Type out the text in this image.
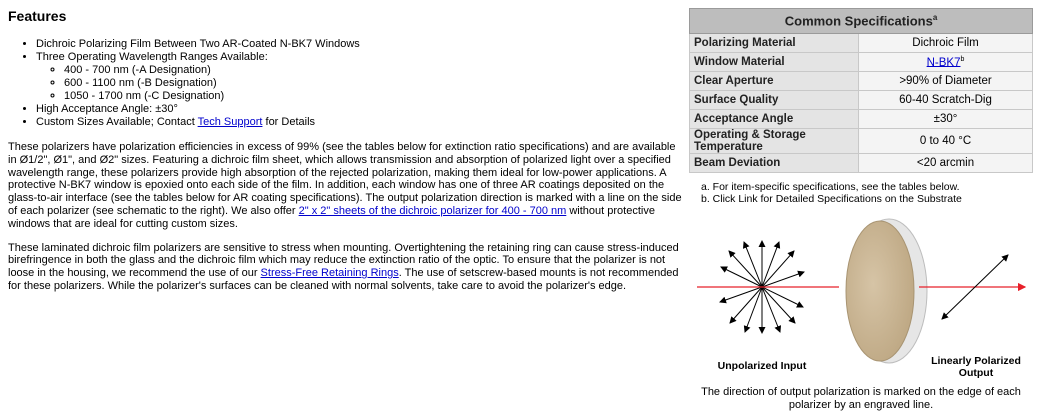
Features
• Dichroic Polarizing Film Between Two AR-Coated N-BK7 Windows
• Three Operating Wavelength Ranges Available:
◦ 400 - 700 nm (-A Designation)
◦ 600 - 1100 nm (-B Designation)
◦ 1050 - 1700 nm (-C Designation)
• High Acceptance Angle: ±30°
• Custom Sizes Available; Contact Tech Support for Details

These polarizers have polarization efficiencies in excess of 99% (see the tables below for extinction ratio specifications) and are available in Ø1/2", Ø1", and Ø2" sizes. Featuring a dichroic film sheet, which allows transmission and absorption of polarized light over a specified wavelength range, these polarizers provide high absorption of the rejected polarization, making them ideal for low-power applications. A protective N-BK7 window is epoxied onto each side of the film. In addition, each window has one of three AR coatings deposited on the glass-to-air interface (see the tables below for AR coating specifications). The output polarization direction is marked with a line on the side of each polarizer (see schematic to the right). We also offer 2" x 2" sheets of the dichroic polarizer for 400 - 700 nm without protective windows that are ideal for cutting custom sizes.

These laminated dichroic film polarizers are sensitive to stress when mounting. Overtightening the retaining ring can cause stress-induced birefringence in both the glass and the dichroic film which may reduce the extinction ratio of the optic. To ensure that the polarizer is not loose in the housing, we recommend the use of our Stress-Free Retaining Rings. The use of setscrew-based mounts is not recommended for these polarizers. While the polarizer's surfaces can be cleaned with normal solvents, take care to avoid the polarizer's edge.

Common Specifications$^a$
Polarizing Material	Dichroic Film
Window Material	N-BK7$^b$
Clear Aperture	>90% of Diameter
Surface Quality	60-40 Scratch-Dig
Acceptance Angle	±30°
Operating & Storage Temperature	0 to 40 °C
Beam Deviation	<20 arcmin
a. For item-specific specifications, see the tables below.
b. Click Link for Detailed Specifications on the Substrate
Unpolarized Input	Linearly Polarized
Output
The direction of output polarization is marked on the edge of each polarizer by an engraved line.
